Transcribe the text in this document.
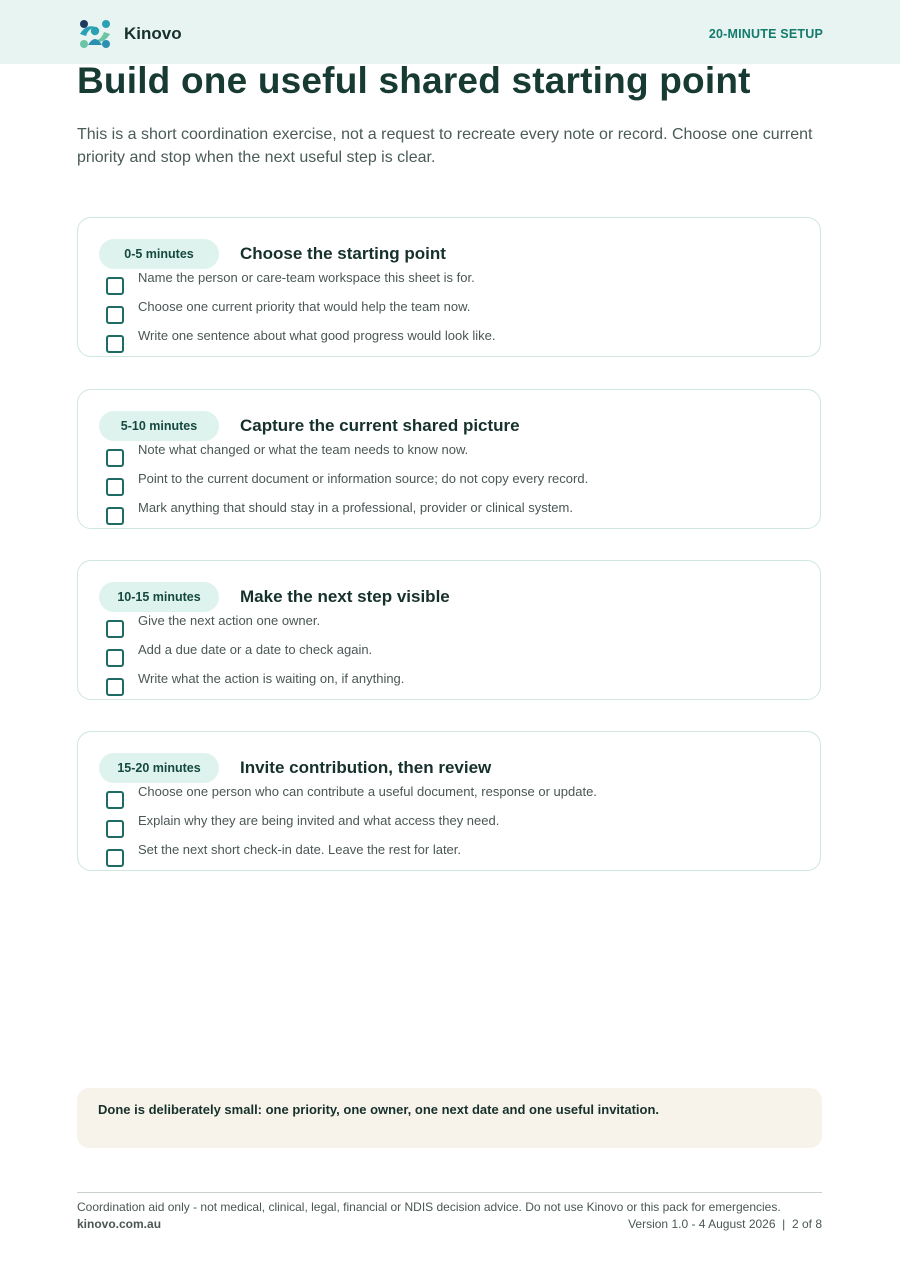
Kinovo	20-MINUTE SETUP
Build one useful shared starting point

This is a short coordination exercise, not a request to recreate every note or record. Choose one current priority and stop when the next useful step is clear.

0-5 minutes	Choose the starting point
Name the person or care-team workspace this sheet is for.
Choose one current priority that would help the team now.
Write one sentence about what good progress would look like.
5-10 minutes	Capture the current shared picture
Note what changed or what the team needs to know now.
Point to the current document or information source; do not copy every record.
Mark anything that should stay in a professional, provider or clinical system.
10-15 minutes	Make the next step visible
Give the next action one owner.
Add a due date or a date to check again.
Write what the action is waiting on, if anything.
15-20 minutes	Invite contribution, then review
Choose one person who can contribute a useful document, response or update.
Explain why they are being invited and what access they need.
Set the next short check-in date. Leave the rest for later.
Done is deliberately small: one priority, one owner, one next date and one useful invitation.
Coordination aid only - not medical, clinical, legal, financial or NDIS decision advice. Do not use Kinovo or this pack for emergencies.
kinovo.com.au	Version 1.0 - 4 August 2026  |  2 of 8
